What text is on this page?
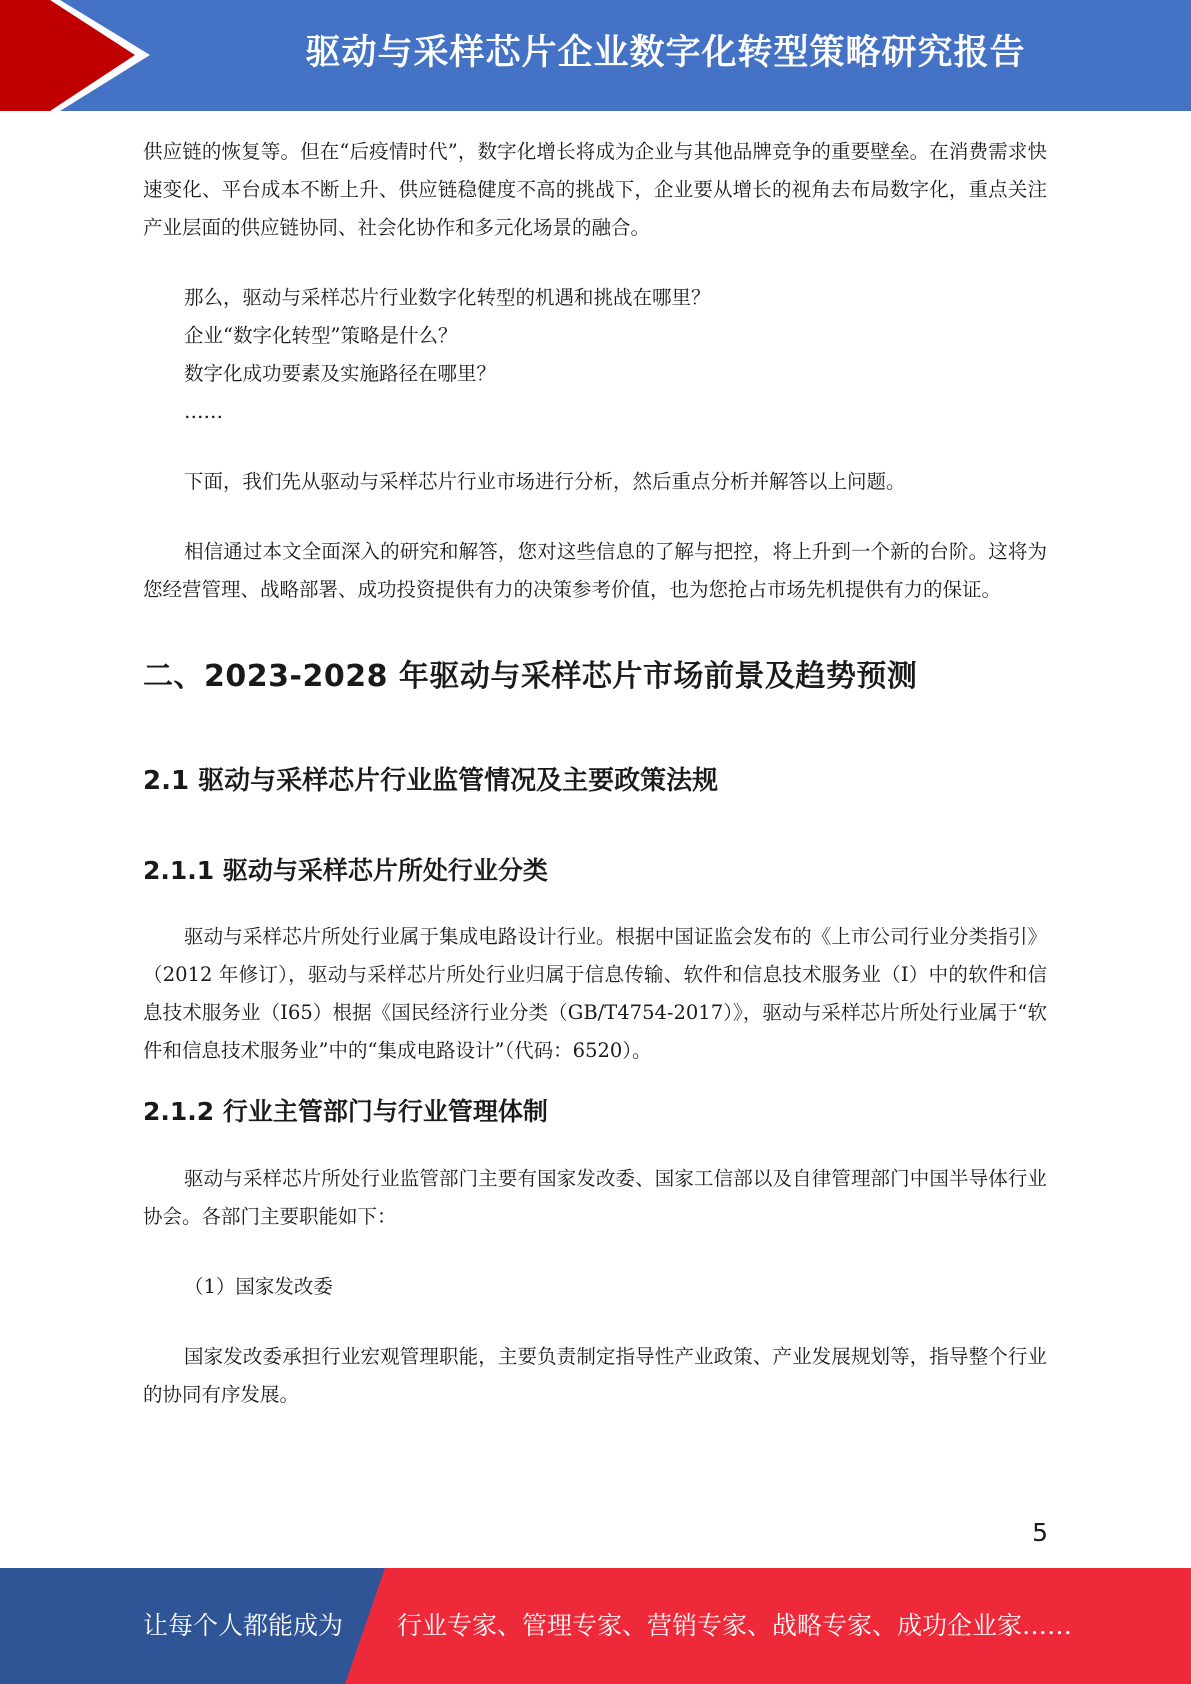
驱动与采样芯片企业数字化转型策略研究报告

供应链的恢复等。但在“后疫情时代”，数字化增长将成为企业与其他品牌竞争的重要壁垒。在消费需求快速变化、平台成本不断上升、供应链稳健度不高的挑战下，企业要从增长的视角去布局数字化，重点关注产业层面的供应链协同、社会化协作和多元化场景的融合。

那么，驱动与采样芯片行业数字化转型的机遇和挑战在哪里？

企业“数字化转型”策略是什么？

数字化成功要素及实施路径在哪里？

……

下面，我们先从驱动与采样芯片行业市场进行分析，然后重点分析并解答以上问题。

相信通过本文全面深入的研究和解答，您对这些信息的了解与把控，将上升到一个新的台阶。这将为您经营管理、战略部署、成功投资提供有力的决策参考价值，也为您抢占市场先机提供有力的保证。

二、2023-2028 年驱动与采样芯片市场前景及趋势预测
2.1 驱动与采样芯片行业监管情况及主要政策法规
2.1.1 驱动与采样芯片所处行业分类

驱动与采样芯片所处行业属于集成电路设计行业。根据中国证监会发布的《上市公司行业分类指引》（2012 年修订），驱动与采样芯片所处行业归属于信息传输、软件和信息技术服务业（I）中的软件和信息技术服务业（I65）根据《国民经济行业分类（GB/T4754-2017）》，驱动与采样芯片所处行业属于“软件和信息技术服务业”中的“集成电路设计”（代码：6520）。

2.1.2 行业主管部门与行业管理体制

驱动与采样芯片所处行业监管部门主要有国家发改委、国家工信部以及自律管理部门中国半导体行业协会。各部门主要职能如下：

（1）国家发改委

国家发改委承担行业宏观管理职能，主要负责制定指导性产业政策、产业发展规划等，指导整个行业的协同有序发展。

5
让每个人都能成为 行业专家、管理专家、营销专家、战略专家、成功企业家……
